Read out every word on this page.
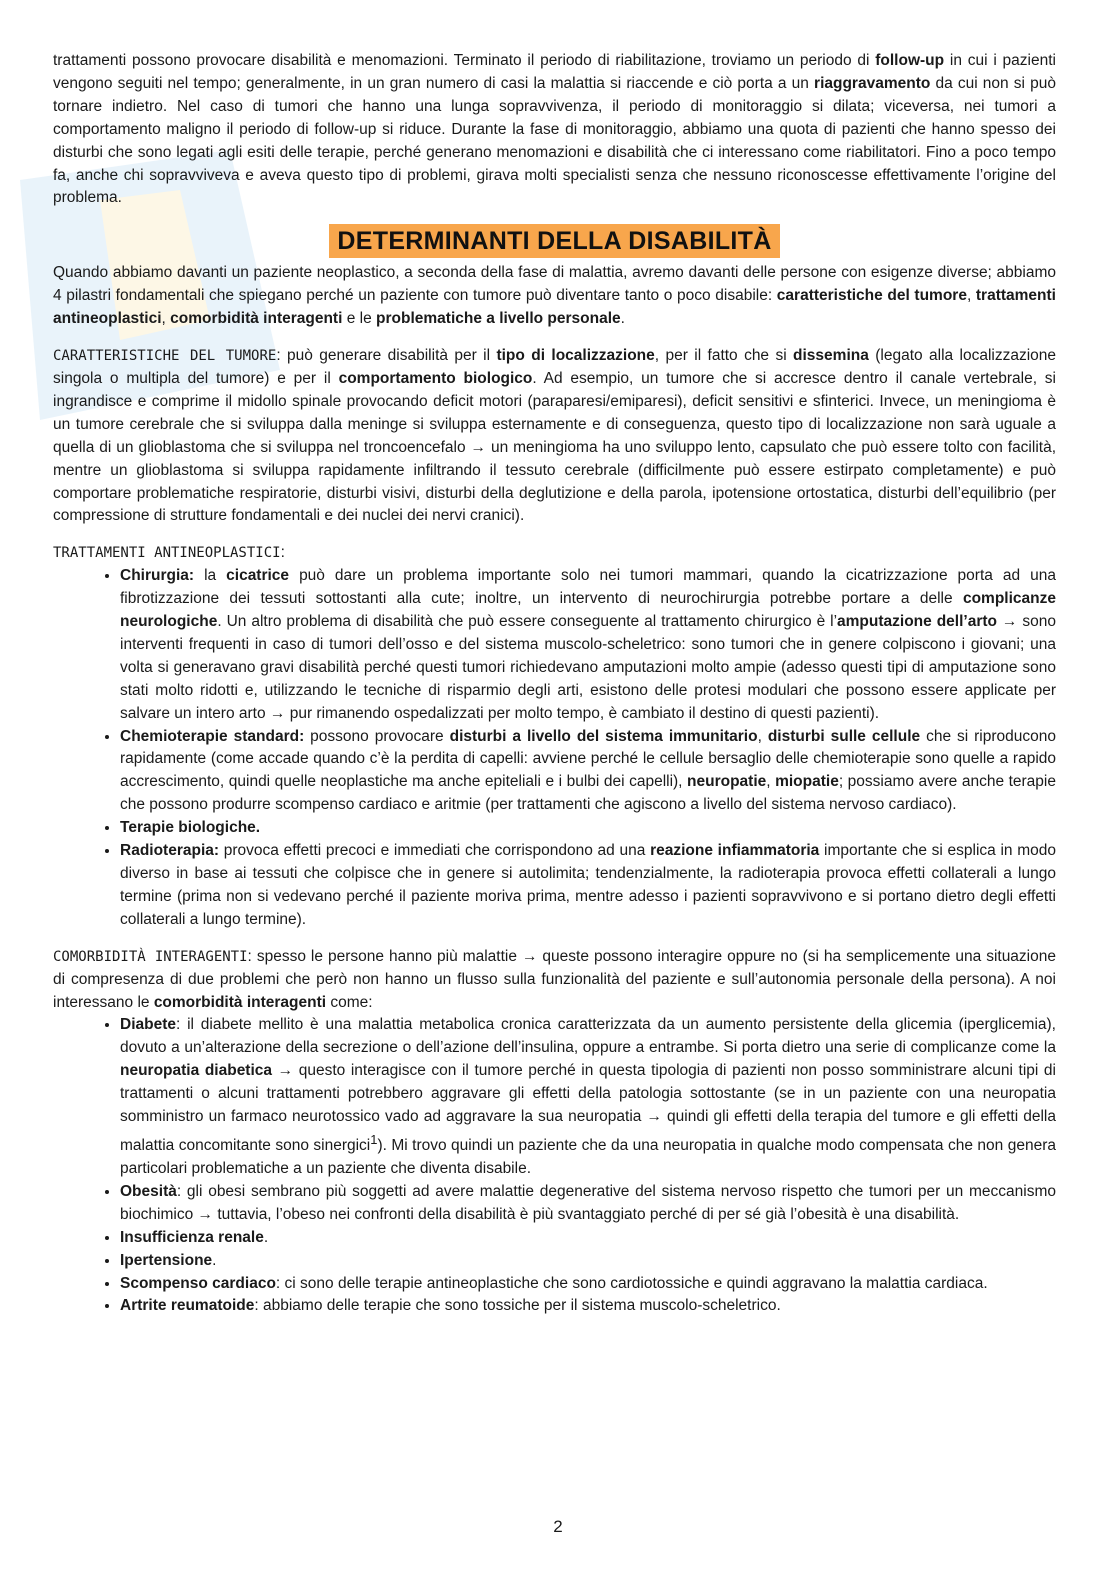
trattamenti possono provocare disabilità e menomazioni. Terminato il periodo di riabilitazione, troviamo un periodo di follow-up in cui i pazienti vengono seguiti nel tempo; generalmente, in un gran numero di casi la malattia si riaccende e ciò porta a un riaggravamento da cui non si può tornare indietro. Nel caso di tumori che hanno una lunga sopravvivenza, il periodo di monitoraggio si dilata; viceversa, nei tumori a comportamento maligno il periodo di follow-up si riduce. Durante la fase di monitoraggio, abbiamo una quota di pazienti che hanno spesso dei disturbi che sono legati agli esiti delle terapie, perché generano menomazioni e disabilità che ci interessano come riabilitatori. Fino a poco tempo fa, anche chi sopravviveva e aveva questo tipo di problemi, girava molti specialisti senza che nessuno riconoscesse effettivamente l’origine del problema.

DETERMINANTI DELLA DISABILITÀ

Quando abbiamo davanti un paziente neoplastico, a seconda della fase di malattia, avremo davanti delle persone con esigenze diverse; abbiamo 4 pilastri fondamentali che spiegano perché un paziente con tumore può diventare tanto o poco disabile: caratteristiche del tumore, trattamenti antineoplastici, comorbidità interagenti e le problematiche a livello personale.

CARATTERISTICHE DEL TUMORE: può generare disabilità per il tipo di localizzazione, per il fatto che si dissemina (legato alla localizzazione singola o multipla del tumore) e per il comportamento biologico. Ad esempio, un tumore che si accresce dentro il canale vertebrale, si ingrandisce e comprime il midollo spinale provocando deficit motori (paraparesi/emiparesi), deficit sensitivi e sfinterici. Invece, un meningioma è un tumore cerebrale che si sviluppa dalla meninge si sviluppa esternamente e di conseguenza, questo tipo di localizzazione non sarà uguale a quella di un glioblastoma che si sviluppa nel troncoencefalo → un meningioma ha uno sviluppo lento, capsulato che può essere tolto con facilità, mentre un glioblastoma si sviluppa rapidamente infiltrando il tessuto cerebrale (difficilmente può essere estirpato completamente) e può comportare problematiche respiratorie, disturbi visivi, disturbi della deglutizione e della parola, ipotensione ortostatica, disturbi dell’equilibrio (per compressione di strutture fondamentali e dei nuclei dei nervi cranici).

TRATTAMENTI ANTINEOPLASTICI:

• Chirurgia: la cicatrice può dare un problema importante solo nei tumori mammari, quando la cicatrizzazione porta ad una fibrotizzazione dei tessuti sottostanti alla cute; inoltre, un intervento di neurochirurgia potrebbe portare a delle complicanze neurologiche. Un altro problema di disabilità che può essere conseguente al trattamento chirurgico è l’amputazione dell’arto → sono interventi frequenti in caso di tumori dell’osso e del sistema muscolo-scheletrico: sono tumori che in genere colpiscono i giovani; una volta si generavano gravi disabilità perché questi tumori richiedevano amputazioni molto ampie (adesso questi tipi di amputazione sono stati molto ridotti e, utilizzando le tecniche di risparmio degli arti, esistono delle protesi modulari che possono essere applicate per salvare un intero arto → pur rimanendo ospedalizzati per molto tempo, è cambiato il destino di questi pazienti).
• Chemioterapie standard: possono provocare disturbi a livello del sistema immunitario, disturbi sulle cellule che si riproducono rapidamente (come accade quando c’è la perdita di capelli: avviene perché le cellule bersaglio delle chemioterapie sono quelle a rapido accrescimento, quindi quelle neoplastiche ma anche epiteliali e i bulbi dei capelli), neuropatie, miopatie; possiamo avere anche terapie che possono produrre scompenso cardiaco e aritmie (per trattamenti che agiscono a livello del sistema nervoso cardiaco).
• Terapie biologiche.
• Radioterapia: provoca effetti precoci e immediati che corrispondono ad una reazione infiammatoria importante che si esplica in modo diverso in base ai tessuti che colpisce che in genere si autolimita; tendenzialmente, la radioterapia provoca effetti collaterali a lungo termine (prima non si vedevano perché il paziente moriva prima, mentre adesso i pazienti sopravvivono e si portano dietro degli effetti collaterali a lungo termine).

COMORBIDITÀ INTERAGENTI: spesso le persone hanno più malattie → queste possono interagire oppure no (si ha semplicemente una situazione di compresenza di due problemi che però non hanno un flusso sulla funzionalità del paziente e sull’autonomia personale della persona). A noi interessano le comorbidità interagenti come:

• Diabete: il diabete mellito è una malattia metabolica cronica caratterizzata da un aumento persistente della glicemia (iperglicemia), dovuto a un’alterazione della secrezione o dell’azione dell’insulina, oppure a entrambe. Si porta dietro una serie di complicanze come la neuropatia diabetica → questo interagisce con il tumore perché in questa tipologia di pazienti non posso somministrare alcuni tipi di trattamenti o alcuni trattamenti potrebbero aggravare gli effetti della patologia sottostante (se in un paziente con una neuropatia somministro un farmaco neurotossico vado ad aggravare la sua neuropatia → quindi gli effetti della terapia del tumore e gli effetti della malattia concomitante sono sinergici$^1$). Mi trovo quindi un paziente che da una neuropatia in qualche modo compensata che non genera particolari problematiche a un paziente che diventa disabile.
• Obesità: gli obesi sembrano più soggetti ad avere malattie degenerative del sistema nervoso rispetto che tumori per un meccanismo biochimico → tuttavia, l’obeso nei confronti della disabilità è più svantaggiato perché di per sé già l’obesità è una disabilità.
• Insufficienza renale.
• Ipertensione.
• Scompenso cardiaco: ci sono delle terapie antineoplastiche che sono cardiotossiche e quindi aggravano la malattia cardiaca.
• Artrite reumatoide: abbiamo delle terapie che sono tossiche per il sistema muscolo-scheletrico.
2
